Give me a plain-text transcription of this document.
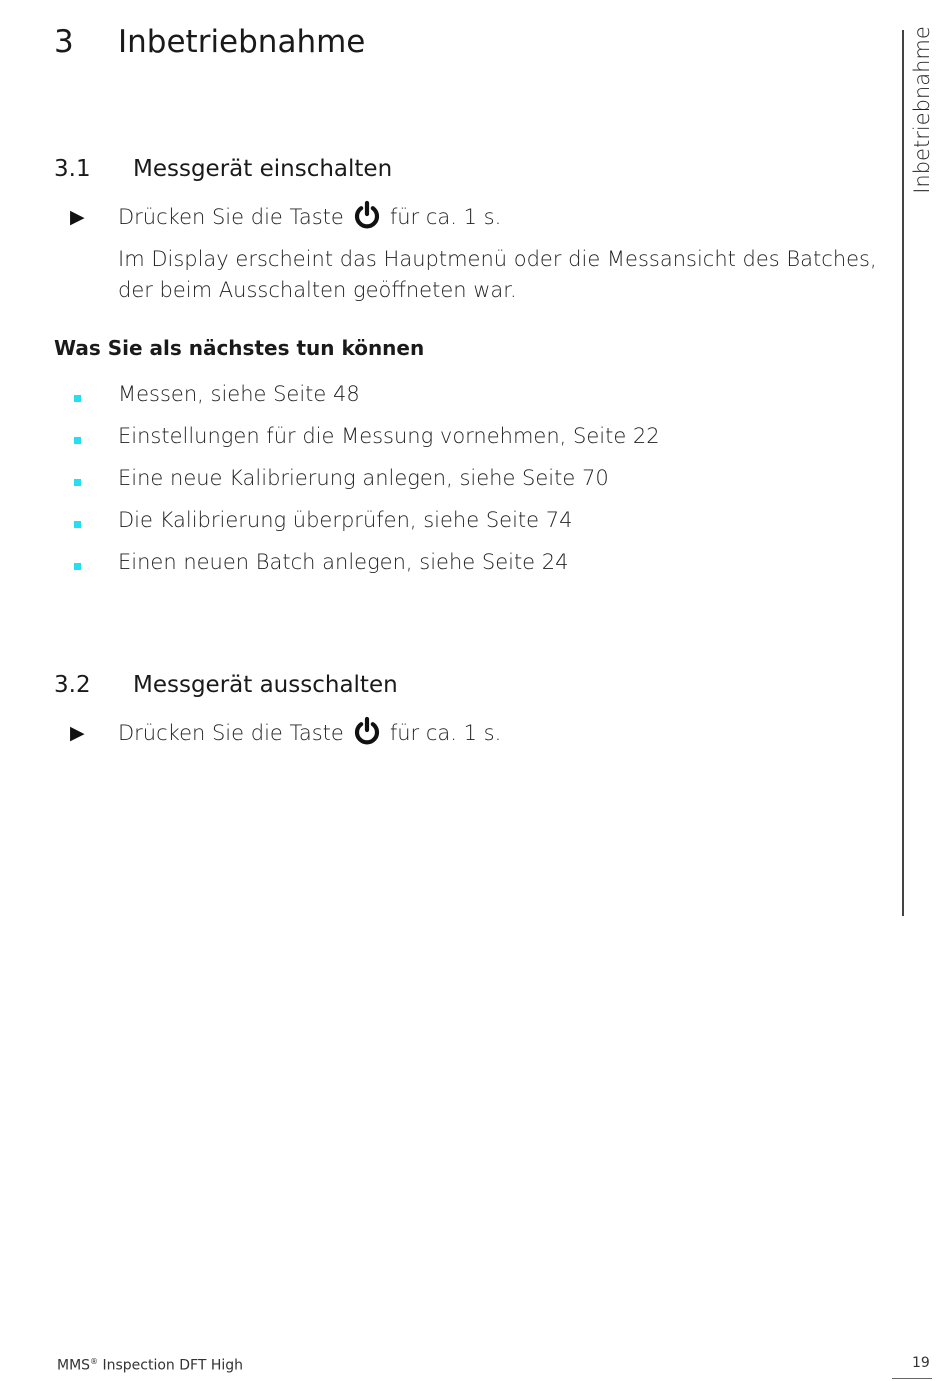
3 Inbetriebnahme	Inbetriebnahme
3.1 Messgerät einschalten
▶ Drücken Sie die Taste für ca. 1 s.
Im Display erscheint das Hauptmenü oder die Messansicht des Batches,
der beim Ausschalten geöffneten war.
Was Sie als nächstes tun können
Messen, siehe Seite 48
Einstellungen für die Messung vornehmen, Seite 22
Eine neue Kalibrierung anlegen, siehe Seite 70
Die Kalibrierung überprüfen, siehe Seite 74
Einen neuen Batch anlegen, siehe Seite 24
3.2 Messgerät ausschalten
▶ Drücken Sie die Taste für ca. 1 s.
MMS® Inspection DFT High	19
